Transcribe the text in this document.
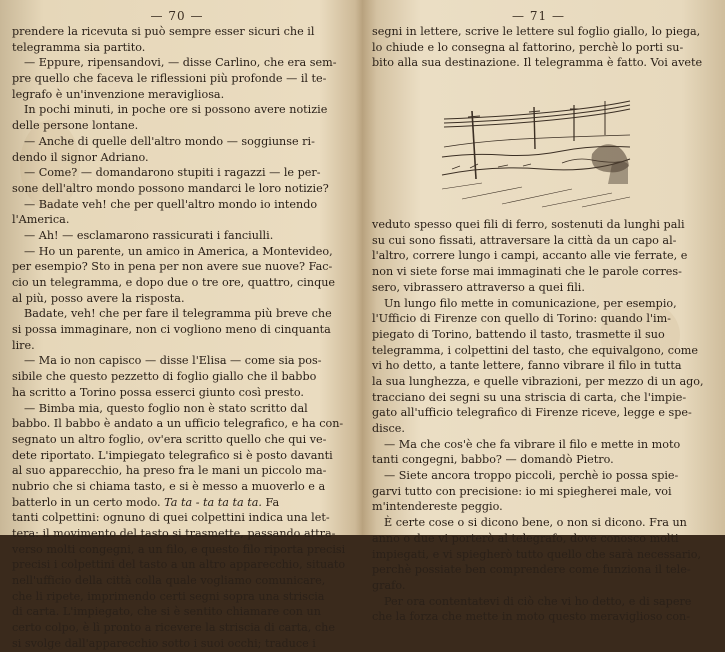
— 70 —
prendere la ricevuta si può sempre esser sicuri che il
telegramma sia partito.
— Eppure, ripensandovi, — disse Carlino, che era sem-
pre quello che faceva le riflessioni più profonde — il te-
legrafo è un'invenzione meravigliosa.
In pochi minuti, in poche ore si possono avere notizie
delle persone lontane.
— Anche di quelle dell'altro mondo — soggiunse ri-
dendo il signor Adriano.
— Come? — domandarono stupiti i ragazzi — le per-
sone dell'altro mondo possono mandarci le loro notizie?
— Badate veh! che per quell'altro mondo io intendo
l'America.
— Ah! — esclamarono rassicurati i fanciulli.
— Ho un parente, un amico in America, a Montevideo,
per esempio? Sto in pena per non avere sue nuove? Fac-
cio un telegramma, e dopo due o tre ore, quattro, cinque
al più, posso avere la risposta.
Badate, veh! che per fare il telegramma più breve che
si possa immaginare, non ci vogliono meno di cinquanta
lire.
— Ma io non capisco — disse l'Elisa — come sia pos-
sibile che questo pezzetto di foglio giallo che il babbo
ha scritto a Torino possa esserci giunto così presto.
— Bimba mia, questo foglio non è stato scritto dal
babbo. Il babbo è andato a un ufficio telegrafico, e ha con-
segnato un altro foglio, ov'era scritto quello che qui ve-
dete riportato. L'impiegato telegrafico si è posto davanti
al suo apparecchio, ha preso fra le mani un piccolo ma-
nubrio che si chiama tasto, e si è messo a muoverlo e a
batterlo in un certo modo. Ta ta - ta ta ta ta. Fa
tanti colpettini: ognuno di quei colpettini indica una let-
tera: il movimento del tasto si trasmette, passando attra-
verso molti congegni, a un filo, e questo filo riporta precisi
precisi i colpettini del tasto a un altro apparecchio, situato
nell'ufficio della città colla quale vogliamo comunicare,
che li ripete, imprimendo certi segni sopra una striscia
di carta. L'impiegato, che si è sentito chiamare con un
certo colpo, è lì pronto a ricevere la striscia di carta, che
si svolge dall'apparecchio sotto i suoi occhi; traduce i
— 71 —
segni in lettere, scrive le lettere sul foglio giallo, lo piega,
lo chiude e lo consegna al fattorino, perchè lo porti su-
bito alla sua destinazione. Il telegramma è fatto. Voi avete
veduto spesso quei fili di ferro, sostenuti da lunghi pali
su cui sono fissati, attraversare la città da un capo al-
l'altro, correre lungo i campi, accanto alle vie ferrate, e
non vi siete forse mai immaginati che le parole corres-
sero, vibrassero attraverso a quei fili.
Un lungo filo mette in comunicazione, per esempio,
l'Ufficio di Firenze con quello di Torino: quando l'im-
piegato di Torino, battendo il tasto, trasmette il suo
telegramma, i colpettini del tasto, che equivalgono, come
vi ho detto, a tante lettere, fanno vibrare il filo in tutta
la sua lunghezza, e quelle vibrazioni, per mezzo di un ago,
tracciano dei segni su una striscia di carta, che l'impie-
gato all'ufficio telegrafico di Firenze riceve, legge e spe-
disce.
— Ma che cos'è che fa vibrare il filo e mette in moto
tanti congegni, babbo? — domandò Pietro.
— Siete ancora troppo piccoli, perchè io possa spie-
garvi tutto con precisione: io mi spiegherei male, voi
m'intendereste peggio.
È certe cose o si dicono bene, o non si dicono. Fra un
anno o due vi porterò al telegrafo, dove conosco molti
impiegati, e vi spiegherò tutto quello che sarà necessario,
perchè possiate ben comprendere come funziona il tele-
grafo.
Per ora contentatevi di ciò che vi ho detto, e di sapere
che la forza che mette in moto questo meraviglioso con-
